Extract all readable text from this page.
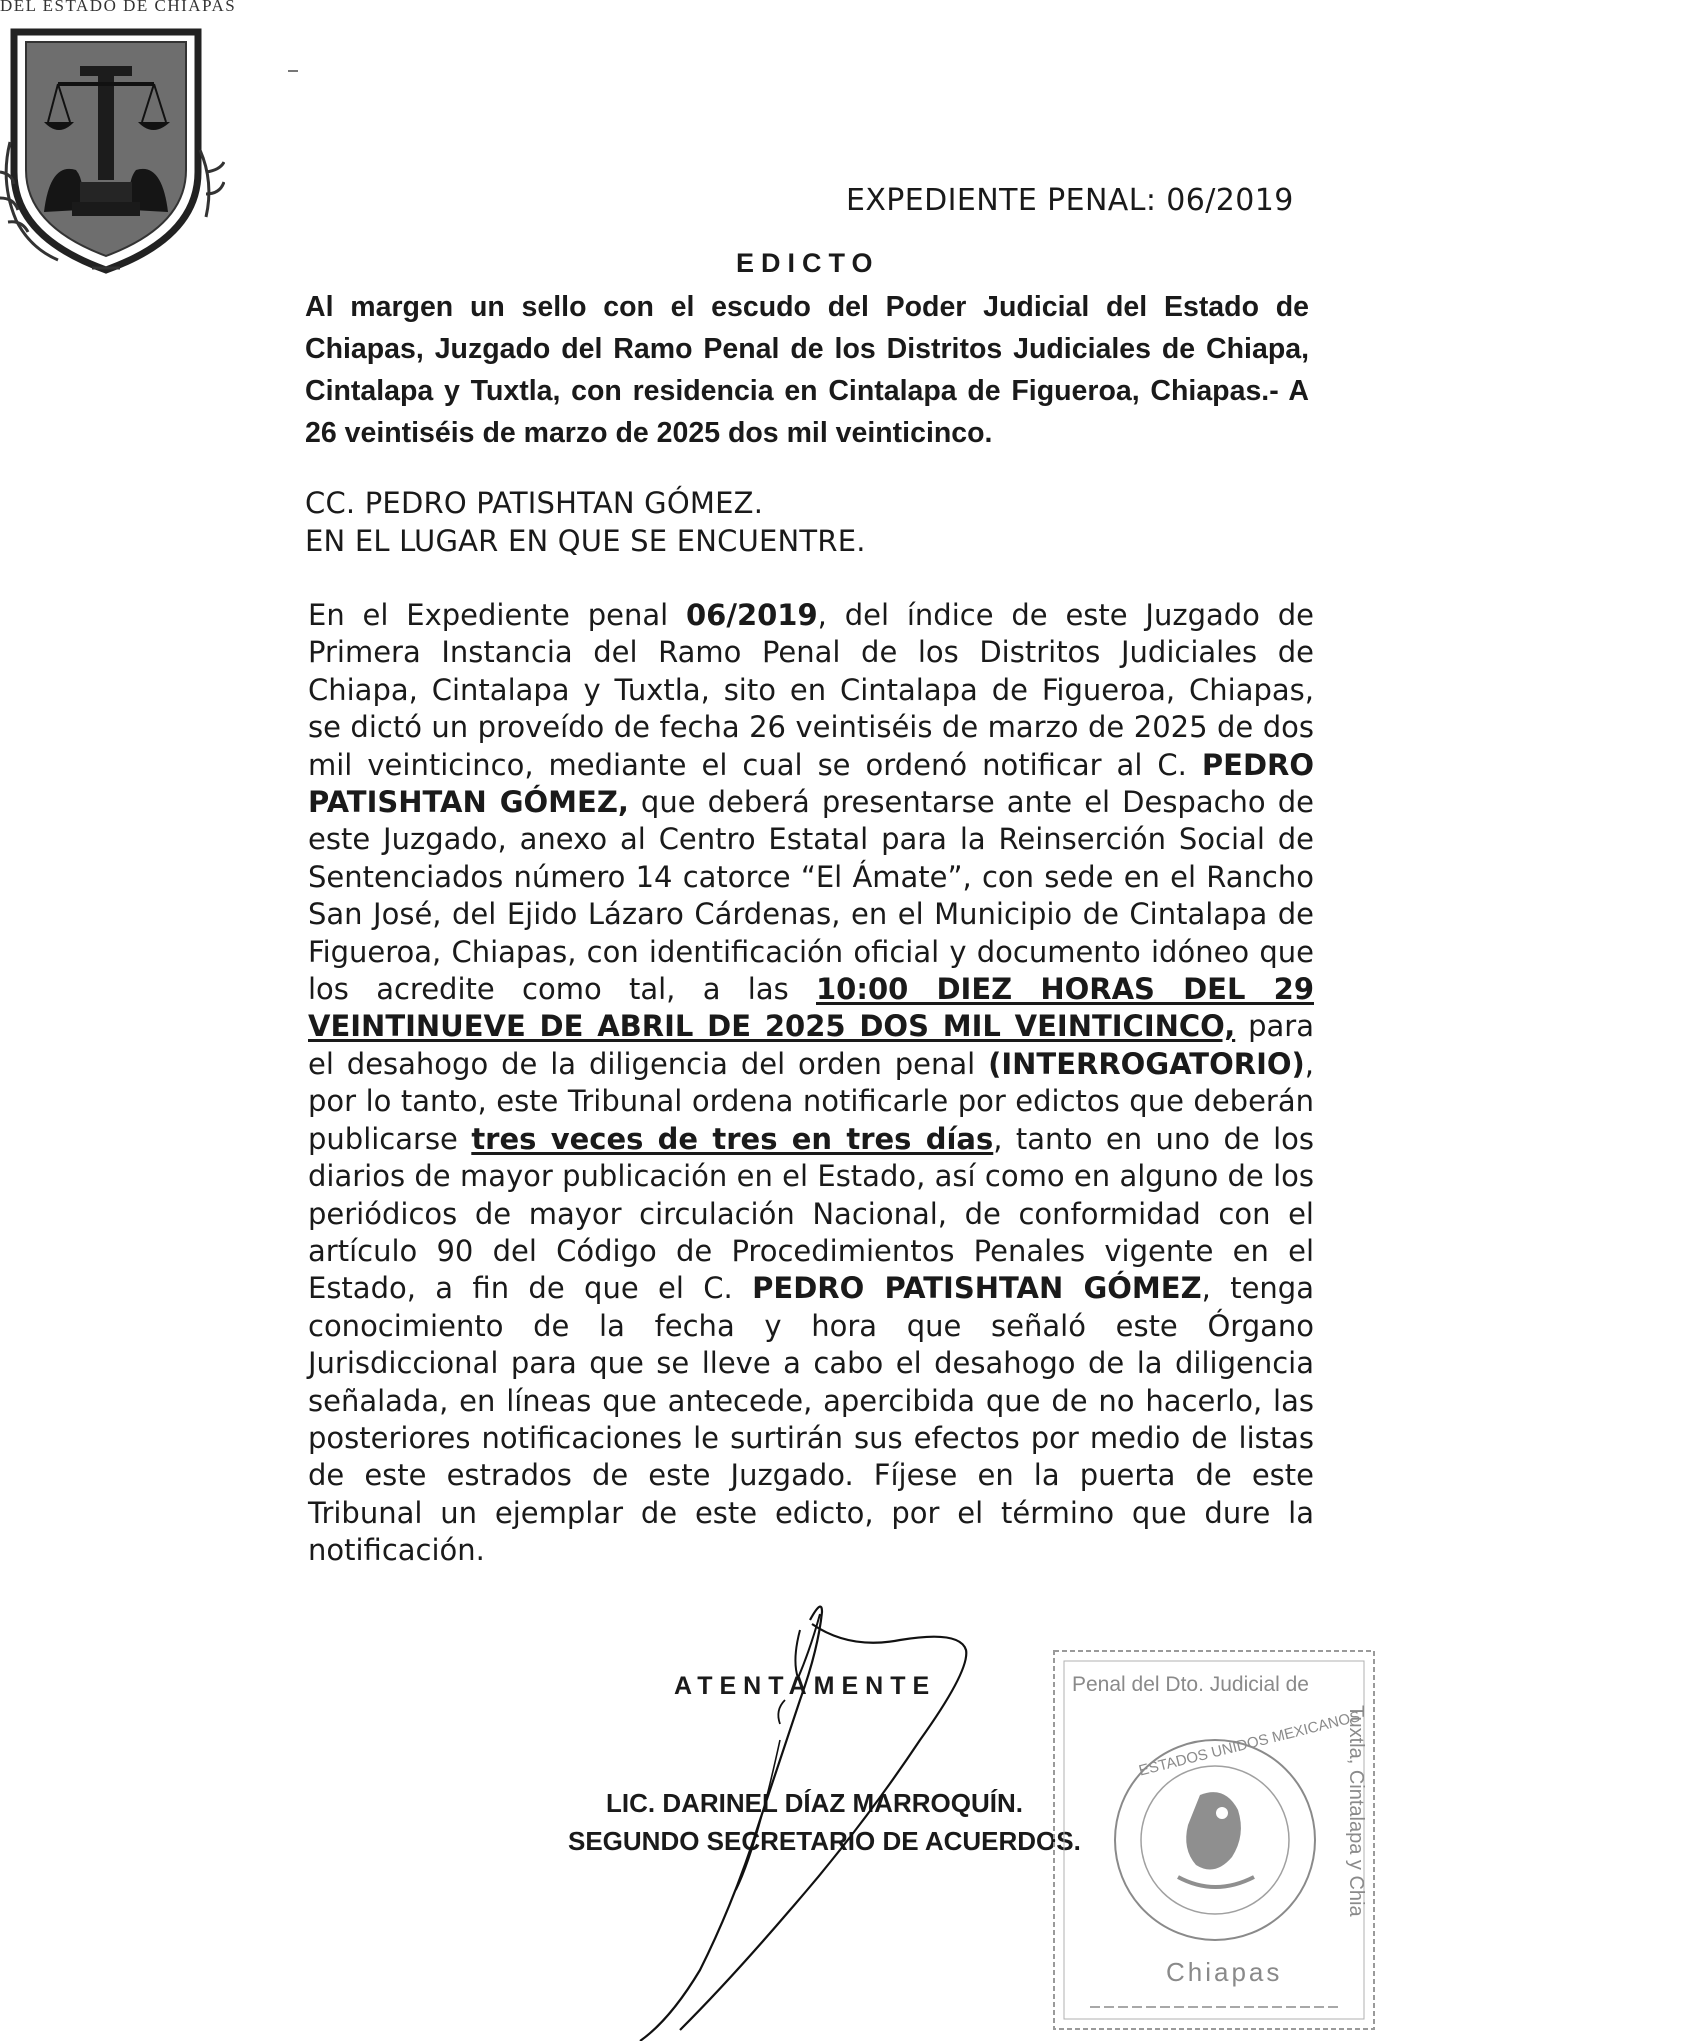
DEL ESTADO DE CHIAPAS
EXPEDIENTE PENAL: 06/2019
EDICTO
Al margen un sello con el escudo del Poder Judicial del Estado de Chiapas, Juzgado del Ramo Penal de los Distritos Judiciales de Chiapa, Cintalapa y Tuxtla, con residencia en Cintalapa de Figueroa, Chiapas.- A 26 veintiséis de marzo de 2025 dos mil veinticinco.
CC. PEDRO PATISHTAN GÓMEZ.
EN EL LUGAR EN QUE SE ENCUENTRE.
En el Expediente penal 06/2019, del índice de este Juzgado de Primera Instancia del Ramo Penal de los Distritos Judiciales de Chiapa, Cintalapa y Tuxtla, sito en Cintalapa de Figueroa, Chiapas, se dictó un proveído de fecha 26 veintiséis de marzo de 2025 de dos mil veinticinco, mediante el cual se ordenó notificar al C. PEDRO PATISHTAN GÓMEZ, que deberá presentarse ante el Despacho de este Juzgado, anexo al Centro Estatal para la Reinserción Social de Sentenciados número 14 catorce “El Ámate”, con sede en el Rancho San José, del Ejido Lázaro Cárdenas, en el Municipio de Cintalapa de Figueroa, Chiapas, con identificación oficial y documento idóneo que los acredite como tal, a las 10:00 DIEZ HORAS DEL 29 VEINTINUEVE DE ABRIL DE 2025 DOS MIL VEINTICINCO, para el desahogo de la diligencia del orden penal (INTERROGATORIO), por lo tanto, este Tribunal ordena notificarle por edictos que deberán publicarse tres veces de tres en tres días, tanto en uno de los diarios de mayor publicación en el Estado, así como en alguno de los periódicos de mayor circulación Nacional, de conformidad con el artículo 90 del Código de Procedimientos Penales vigente en el Estado, a fin de que el C. PEDRO PATISHTAN GÓMEZ, tenga conocimiento de la fecha y hora que señaló este Órgano Jurisdiccional para que se lleve a cabo el desahogo de la diligencia señalada, en líneas que antecede, apercibida que de no hacerlo, las posteriores notificaciones le surtirán sus efectos por medio de listas de este estrados de este Juzgado. Fíjese en la puerta de este Tribunal un ejemplar de este edicto, por el término que dure la notificación.
ATENTAMENTE
LIC. DARINEL DÍAZ MARROQUÍN.
SEGUNDO SECRETARIO DE ACUERDOS.
Penal del Dto. Judicial de
Tuxtla, Cintalapa y Chia
ESTADOS UNIDOS MEXICANOS
Chiapas
